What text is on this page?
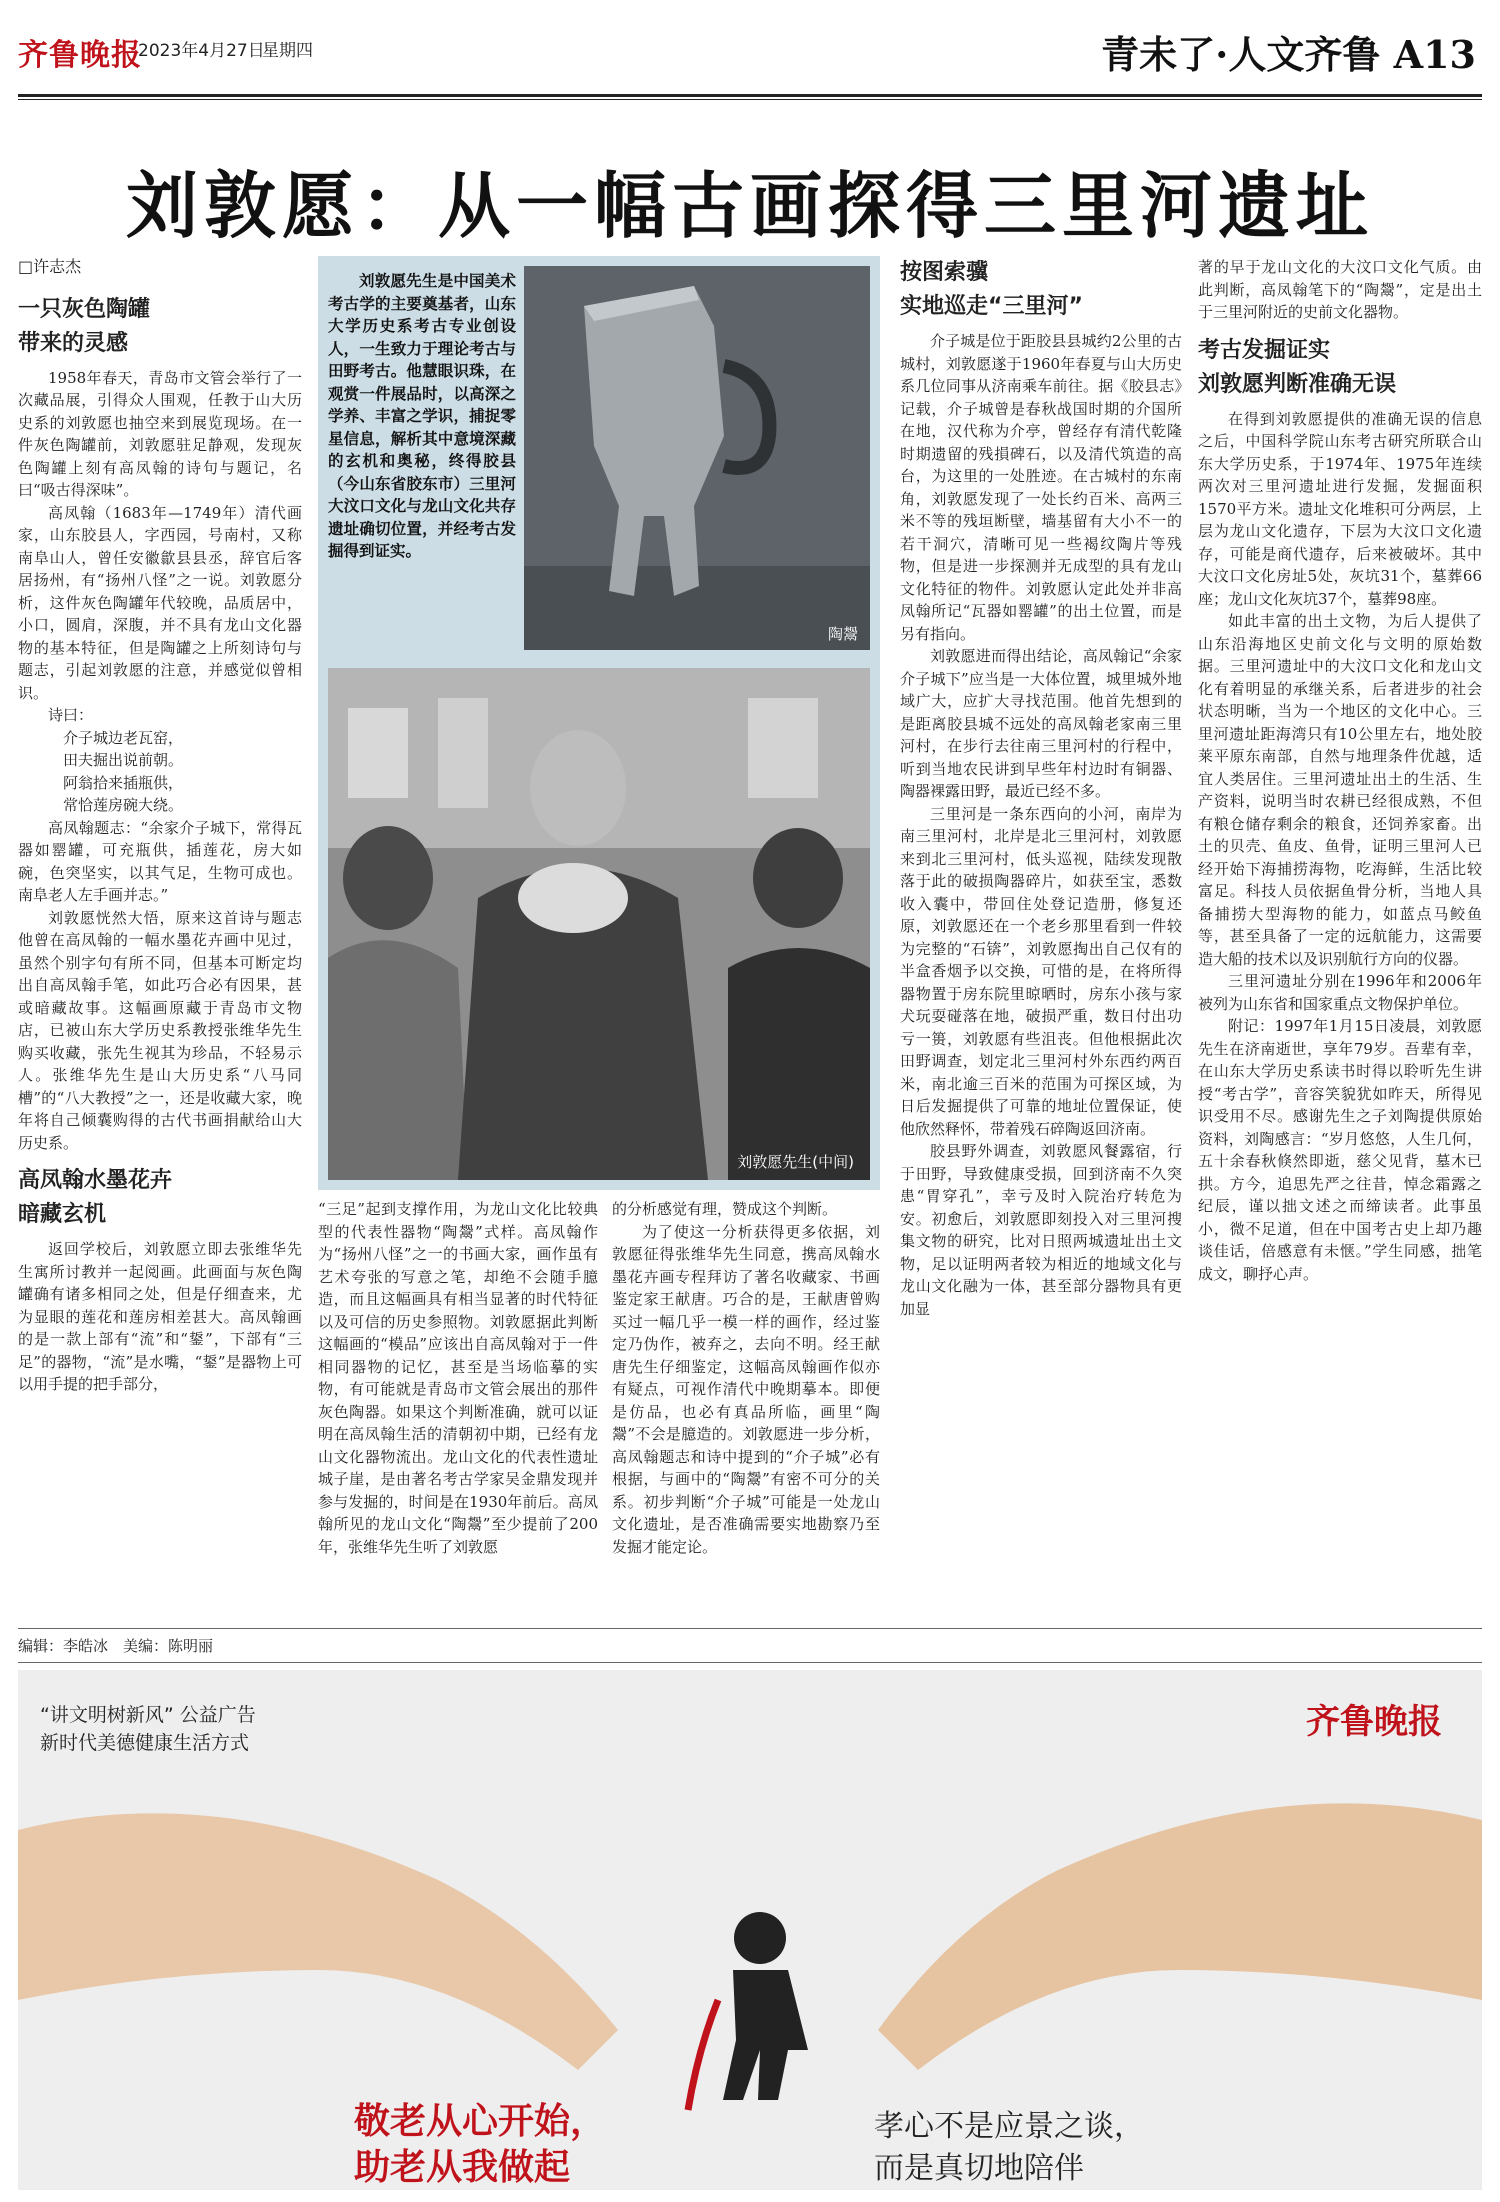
齐鲁晚报
2023年4月27日
星期四	青未了·人文齐鲁 A13
刘敦愿：从一幅古画探得三里河遗址
□许志杰
一只灰色陶罐
带来的灵感

1958年春天，青岛市文管会举行了一次藏品展，引得众人围观，任教于山大历史系的刘敦愿也抽空来到展览现场。在一件灰色陶罐前，刘敦愿驻足静观，发现灰色陶罐上刻有高凤翰的诗句与题记，名曰“吸古得深味”。

高凤翰（1683年—1749年）清代画家，山东胶县人，字西园，号南村，又称南阜山人，曾任安徽歙县县丞，辞官后客居扬州，有“扬州八怪”之一说。刘敦愿分析，这件灰色陶罐年代较晚，品质居中，小口，圆肩，深腹，并不具有龙山文化器物的基本特征，但是陶罐之上所刻诗句与题志，引起刘敦愿的注意，并感觉似曾相识。

诗曰：

介子城边老瓦窑，

田夫掘出说前朝。

阿翁拾来插瓶供，

常恰莲房碗大绕。

高凤翰题志：“余家介子城下，常得瓦器如罂罐，可充瓶供，插莲花，房大如碗，色突坚实，以其气足，生物可成也。南阜老人左手画并志。”

刘敦愿恍然大悟，原来这首诗与题志他曾在高凤翰的一幅水墨花卉画中见过，虽然个别字句有所不同，但基本可断定均出自高凤翰手笔，如此巧合必有因果，甚或暗藏故事。这幅画原藏于青岛市文物店，已被山东大学历史系教授张维华先生购买收藏，张先生视其为珍品，不轻易示人。张维华先生是山大历史系“八马同槽”的“八大教授”之一，还是收藏大家，晚年将自己倾囊购得的古代书画捐献给山大历史系。

高凤翰水墨花卉
暗藏玄机

返回学校后，刘敦愿立即去张维华先生寓所讨教并一起阅画。此画面与灰色陶罐确有诸多相同之处，但是仔细查来，尤为显眼的莲花和莲房相差甚大。高凤翰画的是一款上部有“流”和“鋬”，下部有“三足”的器物，“流”是水嘴，“鋬”是器物上可以用手提的把手部分，

刘敦愿先生是中国美术考古学的主要奠基者，山东大学历史系考古专业创设人，一生致力于理论考古与田野考古。他慧眼识珠，在观赏一件展品时，以高深之学养、丰富之学识，捕捉零星信息，解析其中意境深藏的玄机和奥秘，终得胶县（今山东省胶东市）三里河大汶口文化与龙山文化共存遗址确切位置，并经考古发掘得到证实。
陶鬶
刘敦愿先生(中间)

“三足”起到支撑作用，为龙山文化比较典型的代表性器物“陶鬶”式样。高凤翰作为“扬州八怪”之一的书画大家，画作虽有艺术夸张的写意之笔，却绝不会随手臆造，而且这幅画具有相当显著的时代特征以及可信的历史参照物。刘敦愿据此判断这幅画的“模品”应该出自高凤翰对于一件相同器物的记忆，甚至是当场临摹的实物，有可能就是青岛市文管会展出的那件灰色陶器。如果这个判断准确，就可以证明在高凤翰生活的清朝初中期，已经有龙山文化器物流出。龙山文化的代表性遗址城子崖，是由著名考古学家吴金鼎发现并参与发掘的，时间是在1930年前后。高凤翰所见的龙山文化“陶鬶”至少提前了200年，张维华先生听了刘敦愿

的分析感觉有理，赞成这个判断。

为了使这一分析获得更多依据，刘敦愿征得张维华先生同意，携高凤翰水墨花卉画专程拜访了著名收藏家、书画鉴定家王献唐。巧合的是，王献唐曾购买过一幅几乎一模一样的画作，经过鉴定乃伪作，被弃之，去向不明。经王献唐先生仔细鉴定，这幅高凤翰画作似亦有疑点，可视作清代中晚期摹本。即便是仿品，也必有真品所临，画里“陶鬶”不会是臆造的。刘敦愿进一步分析，高凤翰题志和诗中提到的“介子城”必有根据，与画中的“陶鬶”有密不可分的关系。初步判断“介子城”可能是一处龙山文化遗址，是否准确需要实地勘察乃至发掘才能定论。

按图索骥
实地巡走“三里河”

介子城是位于距胶县县城约2公里的古城村，刘敦愿遂于1960年春夏与山大历史系几位同事从济南乘车前往。据《胶县志》记载，介子城曾是春秋战国时期的介国所在地，汉代称为介亭，曾经存有清代乾隆时期遗留的残損碑石，以及清代筑造的高台，为这里的一处胜迹。在古城村的东南角，刘敦愿发现了一处长约百米、高两三米不等的残垣断壁，墙基留有大小不一的若干洞穴，清晰可见一些褐纹陶片等残物，但是进一步探测并无成型的具有龙山文化特征的物件。刘敦愿认定此处并非高凤翰所记“瓦器如罂罐”的出土位置，而是另有指向。

刘敦愿进而得出结论，高凤翰记“余家介子城下”应当是一大体位置，城里城外地域广大，应扩大寻找范围。他首先想到的是距离胶县城不远处的高凤翰老家南三里河村，在步行去往南三里河村的行程中，听到当地农民讲到早些年村边时有铜器、陶器裸露田野，最近已经不多。

三里河是一条东西向的小河，南岸为南三里河村，北岸是北三里河村，刘敦愿来到北三里河村，低头巡视，陆续发现散落于此的破损陶器碎片，如获至宝，悉数收入囊中，带回住处登记造册，修复还原，刘敦愿还在一个老乡那里看到一件较为完整的“石锛”，刘敦愿掏出自己仅有的半盒香烟予以交换，可惜的是，在将所得器物置于房东院里晾晒时，房东小孩与家犬玩耍碰落在地，破损严重，数日付出功亏一篑，刘敦愿有些沮丧。但他根据此次田野调查，划定北三里河村外东西约两百米，南北逾三百米的范围为可探区域，为日后发掘提供了可靠的地址位置保证，使他欣然释怀，带着残石碎陶返回济南。

胶县野外调查，刘敦愿风餐露宿，行于田野，导致健康受损，回到济南不久突患“胃穿孔”，幸亏及时入院治疗转危为安。初愈后，刘敦愿即刻投入对三里河搜集文物的研究，比对日照两城遗址出土文物，足以证明两者较为相近的地域文化与龙山文化融为一体，甚至部分器物具有更加显

著的早于龙山文化的大汶口文化气质。由此判断，高凤翰笔下的“陶鬶”，定是出土于三里河附近的史前文化器物。

考古发掘证实
刘敦愿判断准确无误

在得到刘敦愿提供的准确无误的信息之后，中国科学院山东考古研究所联合山东大学历史系，于1974年、1975年连续两次对三里河遗址进行发掘，发掘面积1570平方米。遗址文化堆积可分两层，上层为龙山文化遗存，下层为大汶口文化遗存，可能是商代遗存，后来被破坏。其中大汶口文化房址5处，灰坑31个，墓葬66座；龙山文化灰坑37个，墓葬98座。

如此丰富的出土文物，为后人提供了山东沿海地区史前文化与文明的原始数据。三里河遗址中的大汶口文化和龙山文化有着明显的承继关系，后者进步的社会状态明晰，当为一个地区的文化中心。三里河遗址距海湾只有10公里左右，地处胶莱平原东南部，自然与地理条件优越，适宜人类居住。三里河遗址出土的生活、生产资料，说明当时农耕已经很成熟，不但有粮仓储存剩余的粮食，还饲养家畜。出土的贝壳、鱼皮、鱼骨，证明三里河人已经开始下海捕捞海物，吃海鲜，生活比较富足。科技人员依据鱼骨分析，当地人具备捕捞大型海物的能力，如蓝点马鲛鱼等，甚至具备了一定的远航能力，这需要造大船的技术以及识别航行方向的仪器。

三里河遗址分别在1996年和2006年被列为山东省和国家重点文物保护单位。

附记：1997年1月15日凌晨，刘敦愿先生在济南逝世，享年79岁。吾辈有幸，在山东大学历史系读书时得以聆听先生讲授“考古学”，音容笑貌犹如昨天，所得见识受用不尽。感谢先生之子刘陶提供原始资料，刘陶感言：“岁月悠悠，人生几何，五十余春秋倏然即逝，慈父见背，墓木已拱。方今，追思先严之往昔，悼念霜露之纪辰，谨以拙文述之而缔读者。此事虽小，微不足道，但在中国考古史上却乃趣谈佳话，倍感意有未惬。”学生同感，拙笔成文，聊抒心声。

编辑：李皓冰　美编：陈明丽
“讲文明树新风” 公益广告
新时代美德健康生活方式
齐鲁晚报
敬老从心开始，
助老从我做起
孝心不是应景之谈，
而是真切地陪伴
